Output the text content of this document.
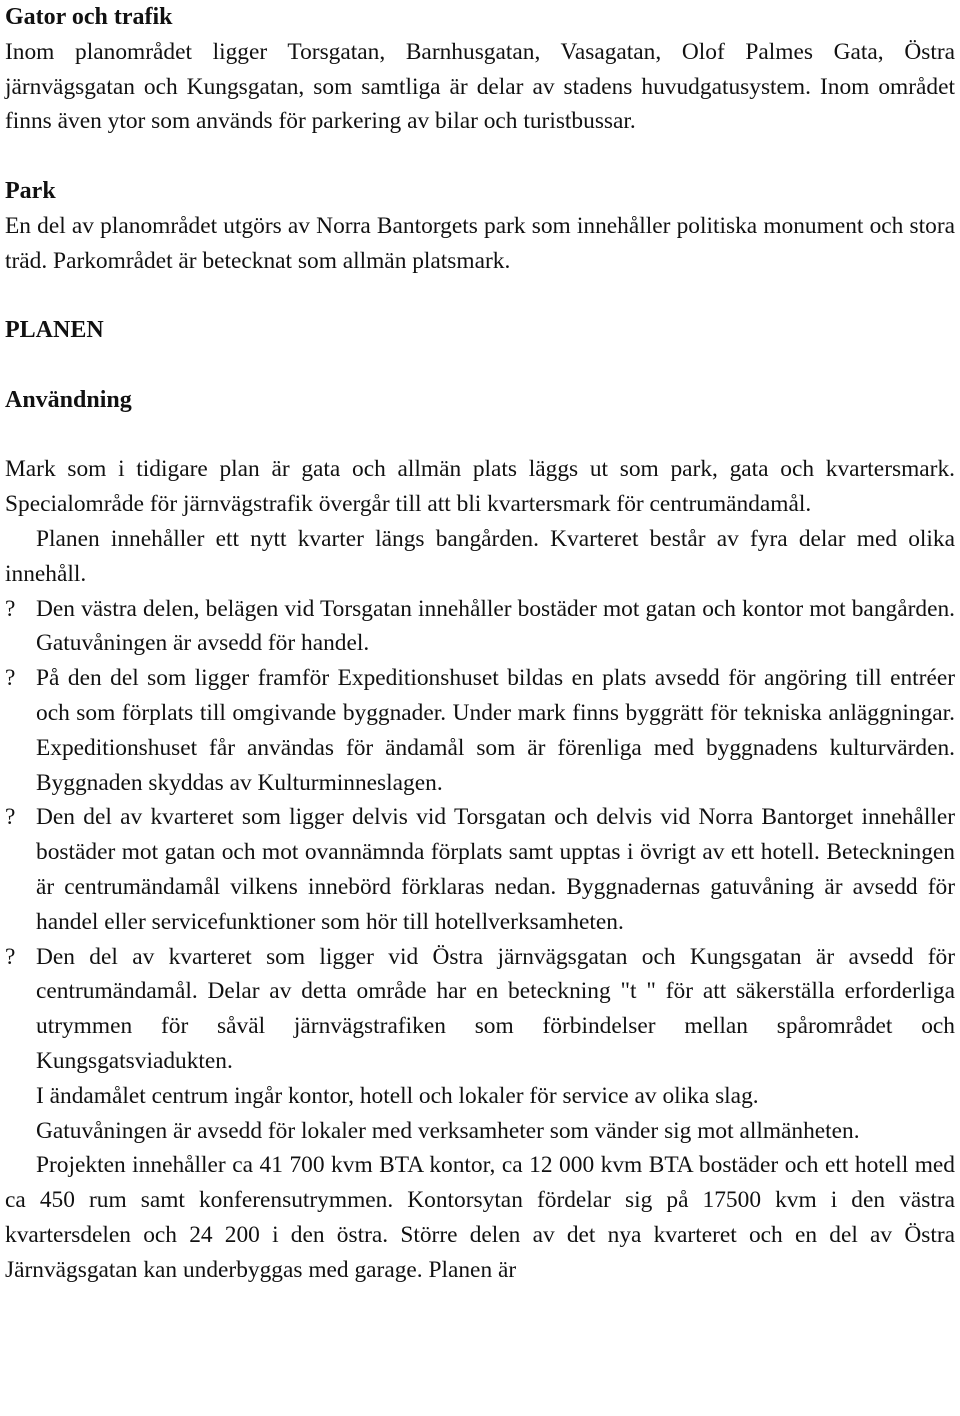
Gator och trafik

Inom planområdet ligger Torsgatan, Barnhusgatan, Vasagatan, Olof Palmes Gata, Östra järnvägsgatan och Kungsgatan, som samtliga är delar av stadens huvudgatusystem. Inom området finns även ytor som används för parkering av bilar och turistbussar.

Park

En del av planområdet utgörs av Norra Bantorgets park som innehåller politiska monument och stora träd. Parkområdet är betecknat som allmän platsmark.

PLANEN
Användning

Mark som i tidigare plan är gata och allmän plats läggs ut som park, gata och kvartersmark. Specialområde för järnvägstrafik övergår till att bli kvartersmark för centrumändamål.

Planen innehåller ett nytt kvarter längs bangården. Kvarteret består av fyra delar med olika innehåll.

? Den västra delen, belägen vid Torsgatan innehåller bostäder mot gatan och kontor mot bangården. Gatuvåningen är avsedd för handel.
? På den del som ligger framför Expeditionshuset bildas en plats avsedd för angöring till entréer och som förplats till omgivande byggnader. Under mark finns byggrätt för tekniska anläggningar. Expeditionshuset får användas för ändamål som är förenliga med byggnadens kulturvärden. Byggnaden skyddas av Kulturminneslagen.
? Den del av kvarteret som ligger delvis vid Torsgatan och delvis vid Norra Bantorget innehåller bostäder mot gatan och mot ovannämnda förplats samt upptas i övrigt av ett hotell. Beteckningen är centrumändamål vilkens innebörd förklaras nedan. Byggnadernas gatuvåning är avsedd för handel eller servicefunktioner som hör till hotellverksamheten.
? Den del av kvarteret som ligger vid Östra järnvägsgatan och Kungsgatan är avsedd för centrumändamål. Delar av detta område har en beteckning "t " för att säkerställa erforderliga utrymmen för såväl järnvägstrafiken som förbindelser mellan spårområdet och Kungsgatsviadukten.

I ändamålet centrum ingår kontor, hotell och lokaler för service av olika slag.

Gatuvåningen är avsedd för lokaler med verksamheter som vänder sig mot allmänheten.

Projekten innehåller ca 41 700 kvm BTA kontor, ca 12 000 kvm BTA bostäder och ett hotell med ca 450 rum samt konferensutrymmen. Kontorsytan fördelar sig på 17500 kvm i den västra kvartersdelen och 24 200 i den östra. Större delen av det nya kvarteret och en del av Östra Järnvägsgatan kan underbyggas med garage. Planen är
